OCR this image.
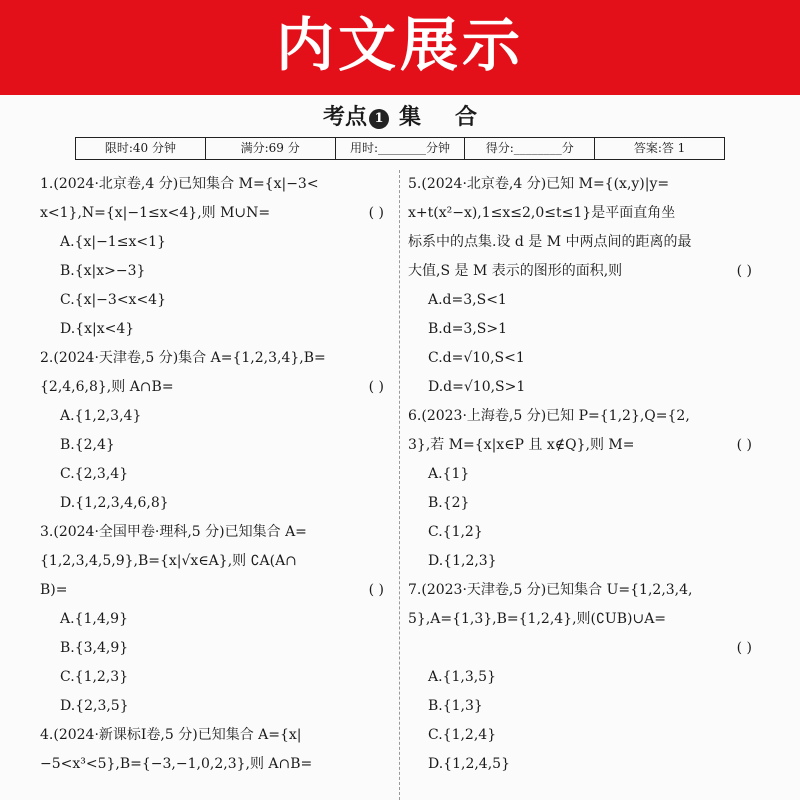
内文展示
考点 1 集 合
限时:40 分钟	满分:69 分	用时:________分钟	得分:________分	答案:答 1
1.(2024·北京卷,4 分)已知集合 M={x|−3<
x<1},N={x|−1≤x<4},则 M∪N=	( )
A.{x|−1≤x<1}
B.{x|x>−3}
C.{x|−3<x<4}
D.{x|x<4}
2.(2024·天津卷,5 分)集合 A={1,2,3,4},B=
{2,4,6,8},则 A∩B=	( )
A.{1,2,3,4}
B.{2,4}
C.{2,3,4}
D.{1,2,3,4,6,8}
3.(2024·全国甲卷·理科,5 分)已知集合 A=
{1,2,3,4,5,9},B={x|√x∈A},则 ∁A(A∩
B)=	( )
A.{1,4,9}
B.{3,4,9}
C.{1,2,3}
D.{2,3,5}
4.(2024·新课标Ⅰ卷,5 分)已知集合 A={x|
−5<x³<5},B={−3,−1,0,2,3},则 A∩B=
5.(2024·北京卷,4 分)已知 M={(x,y)|y=
x+t(x²−x),1≤x≤2,0≤t≤1}是平面直角坐
标系中的点集.设 d 是 M 中两点间的距离的最
大值,S 是 M 表示的图形的面积,则	( )
A.d=3,S<1
B.d=3,S>1
C.d=√10,S<1
D.d=√10,S>1
6.(2023·上海卷,5 分)已知 P={1,2},Q={2,
3},若 M={x|x∈P 且 x∉Q},则 M=	( )
A.{1}
B.{2}
C.{1,2}
D.{1,2,3}
7.(2023·天津卷,5 分)已知集合 U={1,2,3,4,
5},A={1,3},B={1,2,4},则(∁UB)∪A=
( )
A.{1,3,5}
B.{1,3}
C.{1,2,4}
D.{1,2,4,5}
